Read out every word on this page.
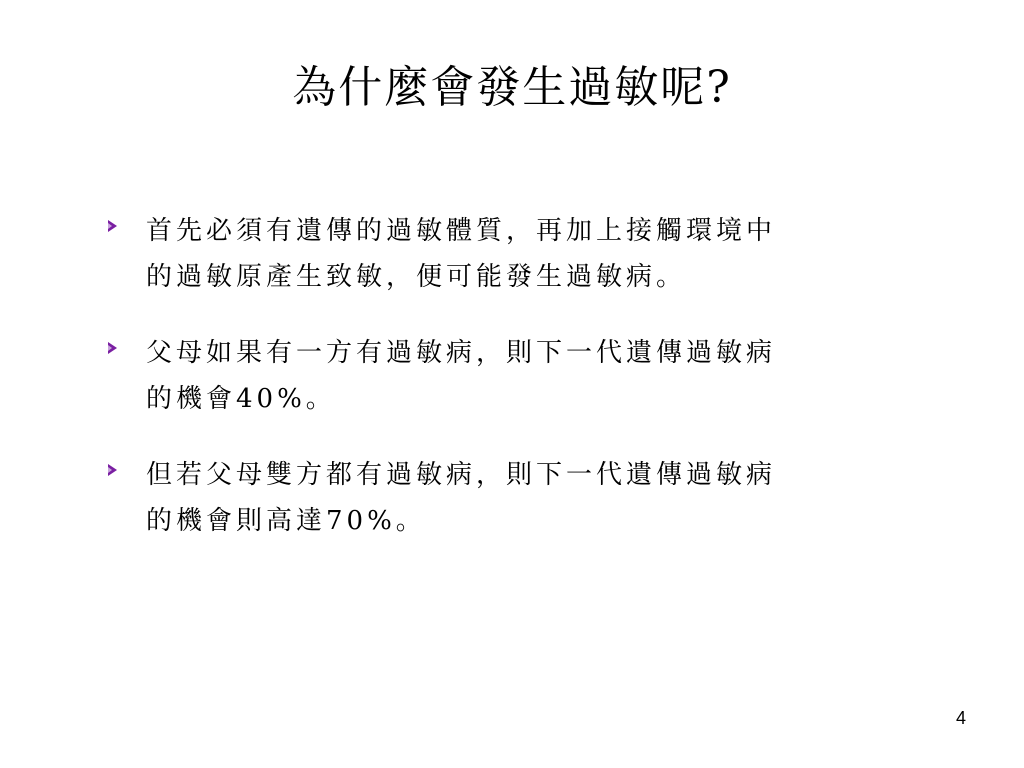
為什麼會發生過敏呢?
首先必須有遺傳的過敏體質，再加上接觸環境中
的過敏原產生致敏，便可能發生過敏病。
父母如果有一方有過敏病，則下一代遺傳過敏病
的機會40%。
但若父母雙方都有過敏病，則下一代遺傳過敏病
的機會則高達70%。
4
